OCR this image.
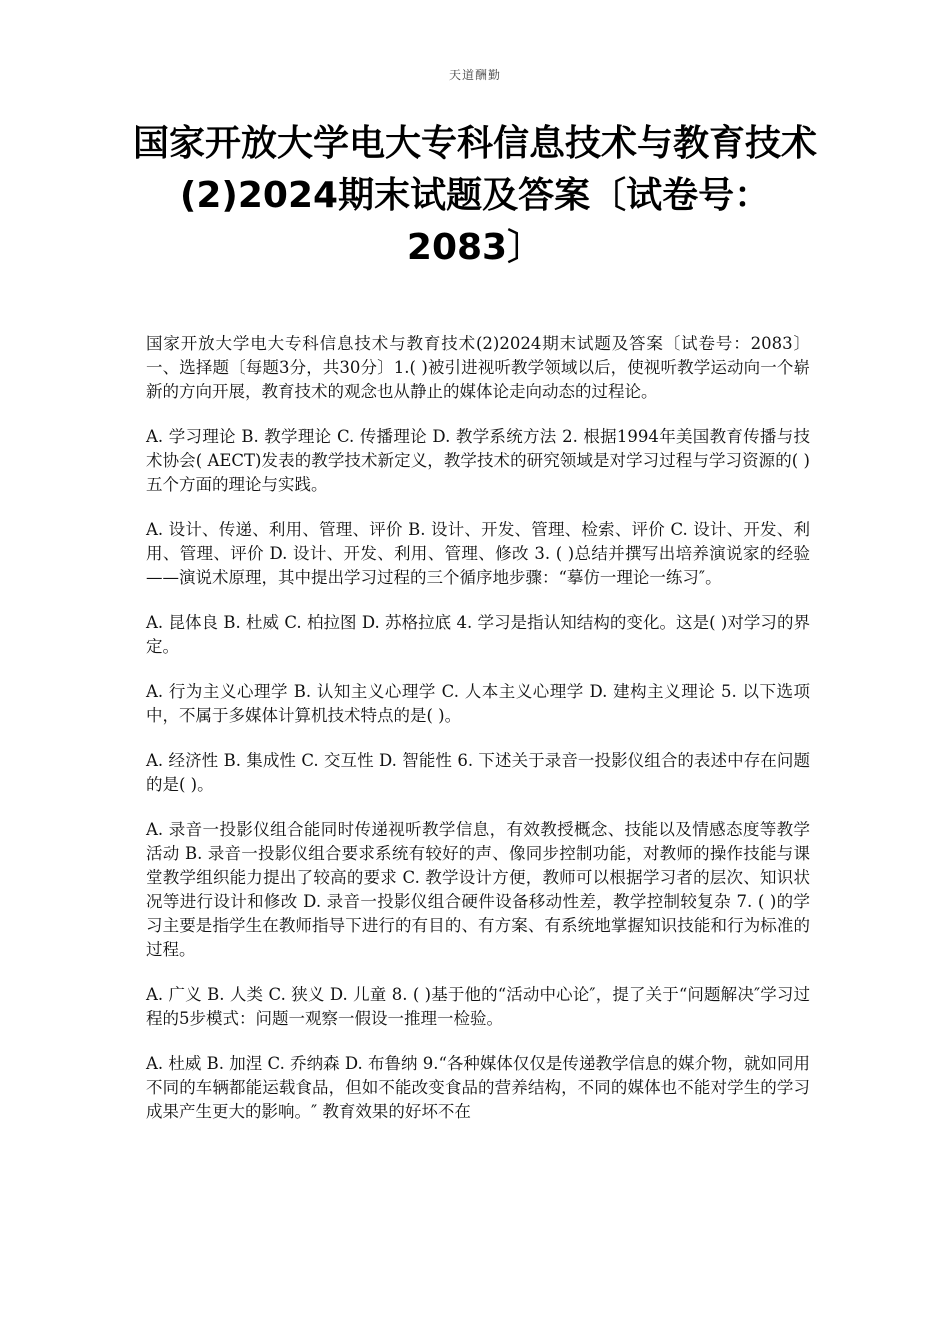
天道酬勤
国家开放大学电大专科信息技术与教育技术(2)2024期末试题及答案〔试卷号：2083〕

国家开放大学电大专科信息技术与教育技术(2)2024期末试题及答案〔试卷号：2083〕一、选择题〔每题3分，共30分〕1.( )被引进视听教学领域以后，使视听教学运动向一个崭新的方向开展，教育技术的观念也从静止的媒体论走向动态的过程论。

A. 学习理论 B. 教学理论 C. 传播理论 D. 教学系统方法 2. 根据1994年美国教育传播与技术协会( AECT)发表的教学技术新定义，教学技术的研究领域是对学习过程与学习资源的( )五个方面的理论与实践。

A. 设计、传递、利用、管理、评价 B. 设计、开发、管理、检索、评价 C. 设计、开发、利用、管理、评价 D. 设计、开发、利用、管理、修改 3. ( )总结并撰写出培养演说家的经验——演说术原理，其中提出学习过程的三个循序地步骤：“摹仿一理论一练习″。

A. 昆体良 B. 杜威 C. 柏拉图 D. 苏格拉底 4. 学习是指认知结构的变化。这是( )对学习的界定。

A. 行为主义心理学 B. 认知主义心理学 C. 人本主义心理学 D. 建构主义理论 5. 以下选项中，不属于多媒体计算机技术特点的是( )。

A. 经济性 B. 集成性 C. 交互性 D. 智能性 6. 下述关于录音一投影仪组合的表述中存在问题的是( )。

A. 录音一投影仪组合能同时传递视听教学信息，有效教授概念、技能以及情感态度等教学活动 B. 录音一投影仪组合要求系统有较好的声、像同步控制功能，对教师的操作技能与课堂教学组织能力提出了较高的要求 C. 教学设计方便，教师可以根据学习者的层次、知识状况等进行设计和修改 D. 录音一投影仪组合硬件设备移动性差，教学控制较复杂 7. ( )的学习主要是指学生在教师指导下进行的有目的、有方案、有系统地掌握知识技能和行为标准的过程。

A. 广义 B. 人类 C. 狭义 D. 儿童 8. ( )基于他的“活动中心论″，提了关于“问题解决″学习过程的5步模式：问题一观察一假设一推理一检验。

A. 杜威 B. 加涅 C. 乔纳森 D. 布鲁纳 9.“各种媒体仅仅是传递教学信息的媒介物，就如同用不同的车辆都能运载食品，但如不能改变食品的营养结构，不同的媒体也不能对学生的学习成果产生更大的影响。″ 教育效果的好坏不在
